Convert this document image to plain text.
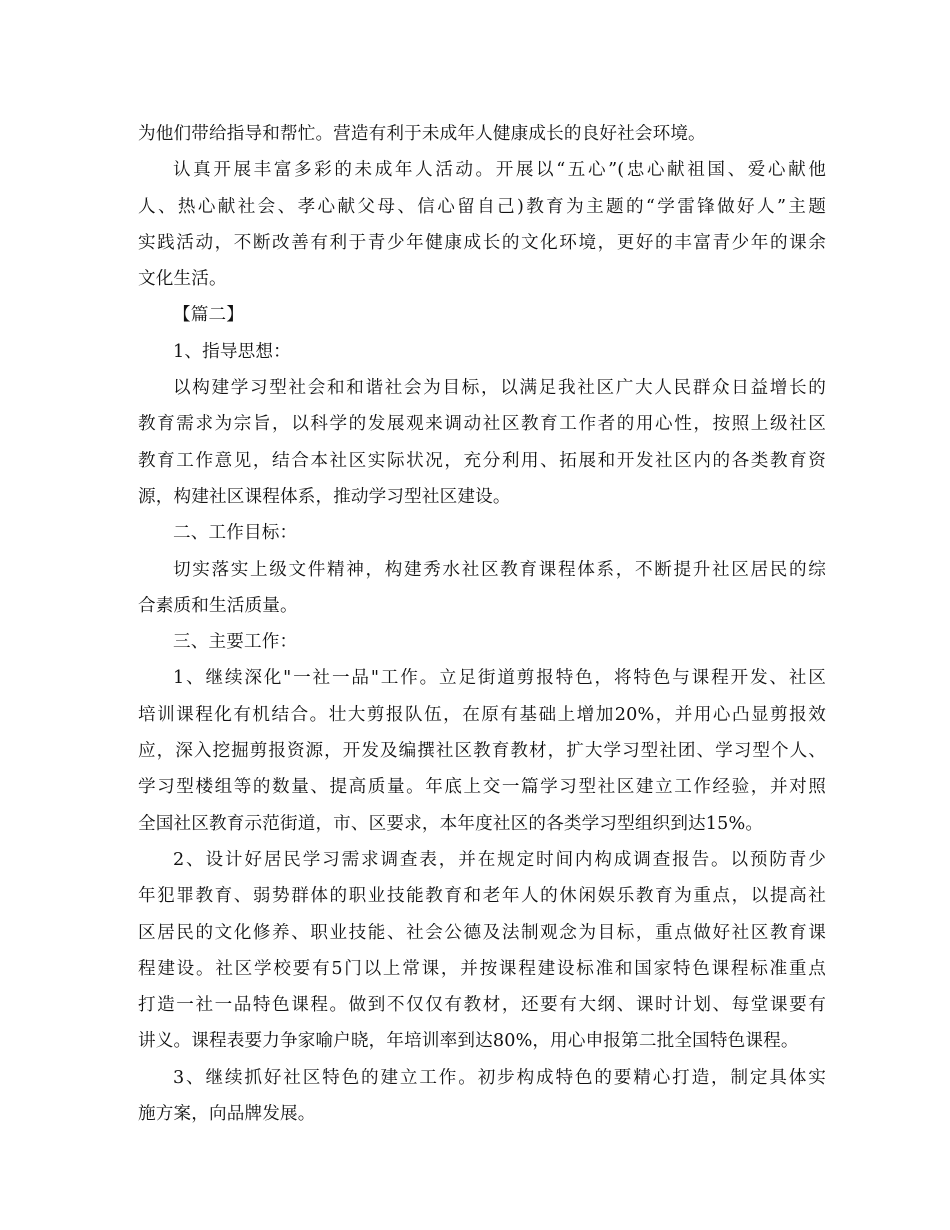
为他们带给指导和帮忙。营造有利于未成年人健康成长的良好社会环境。
认真开展丰富多彩的未成年人活动。开展以“五心”(忠心献祖国、爱心献他
人、热心献社会、孝心献父母、信心留自己)教育为主题的“学雷锋做好人”主题
实践活动，不断改善有利于青少年健康成长的文化环境，更好的丰富青少年的课余
文化生活。
【篇二】
1、指导思想：
以构建学习型社会和和谐社会为目标，以满足我社区广大人民群众日益增长的
教育需求为宗旨，以科学的发展观来调动社区教育工作者的用心性，按照上级社区
教育工作意见，结合本社区实际状况，充分利用、拓展和开发社区内的各类教育资
源，构建社区课程体系，推动学习型社区建设。
二、工作目标：
切实落实上级文件精神，构建秀水社区教育课程体系，不断提升社区居民的综
合素质和生活质量。
三、主要工作：
1、继续深化"一社一品"工作。立足街道剪报特色，将特色与课程开发、社区
培训课程化有机结合。壮大剪报队伍，在原有基础上增加20%，并用心凸显剪报效
应，深入挖掘剪报资源，开发及编撰社区教育教材，扩大学习型社团、学习型个人、
学习型楼组等的数量、提高质量。年底上交一篇学习型社区建立工作经验，并对照
全国社区教育示范街道，市、区要求，本年度社区的各类学习型组织到达15%。
2、设计好居民学习需求调查表，并在规定时间内构成调查报告。以预防青少
年犯罪教育、弱势群体的职业技能教育和老年人的休闲娱乐教育为重点，以提高社
区居民的文化修养、职业技能、社会公德及法制观念为目标，重点做好社区教育课
程建设。社区学校要有5门以上常课，并按课程建设标准和国家特色课程标准重点
打造一社一品特色课程。做到不仅仅有教材，还要有大纲、课时计划、每堂课要有
讲义。课程表要力争家喻户晓，年培训率到达80%，用心申报第二批全国特色课程。
3、继续抓好社区特色的建立工作。初步构成特色的要精心打造，制定具体实
施方案，向品牌发展。
